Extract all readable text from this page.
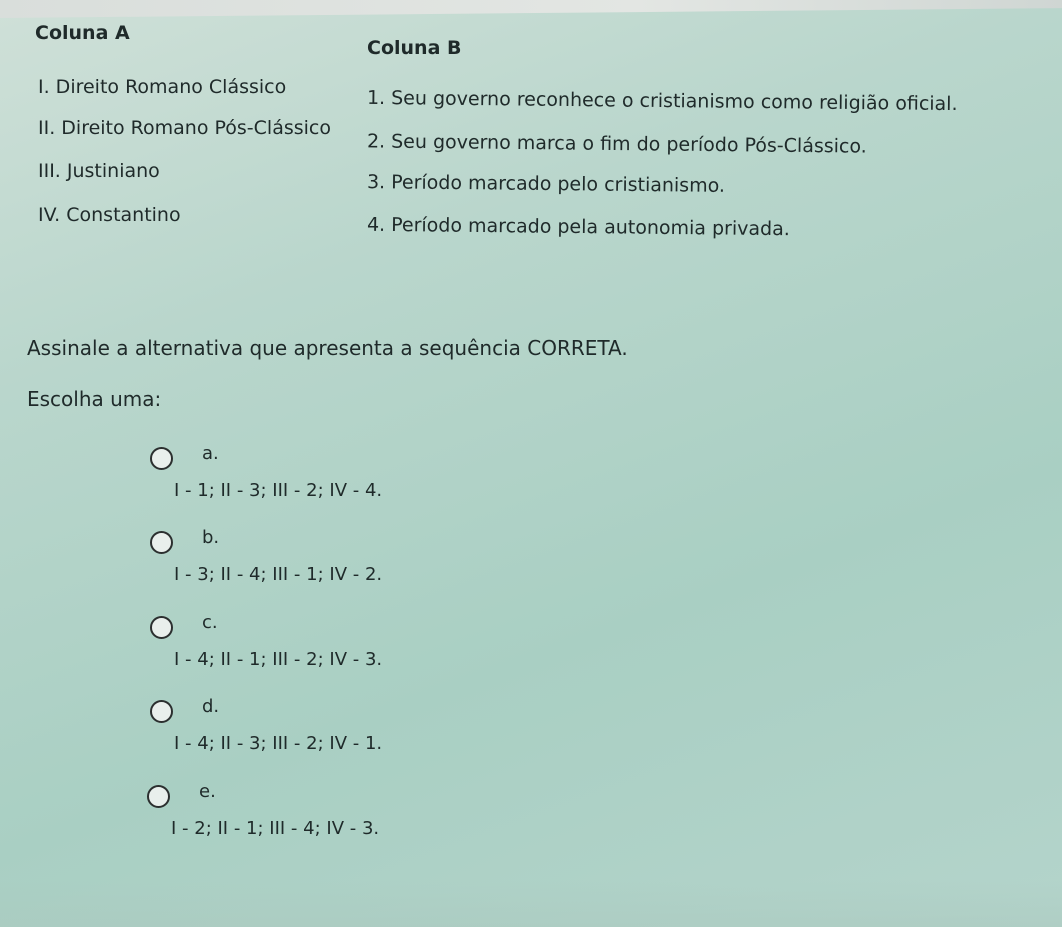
Coluna A
Coluna B
I. Direito Romano Clássico
II. Direito Romano Pós-Clássico
III. Justiniano
IV. Constantino
1. Seu governo reconhece o cristianismo como religião oficial.
2. Seu governo marca o fim do período Pós-Clássico.
3. Período marcado pelo cristianismo.
4. Período marcado pela autonomia privada.
Assinale a alternativa que apresenta a sequência CORRETA.
Escolha uma:
a.
I - 1; II - 3; III - 2; IV - 4.
b.
I - 3; II - 4; III - 1; IV - 2.
c.
I - 4; II - 1; III - 2; IV - 3.
d.
I - 4; II - 3; III - 2; IV - 1.
e.
I - 2; II - 1; III - 4; IV - 3.
